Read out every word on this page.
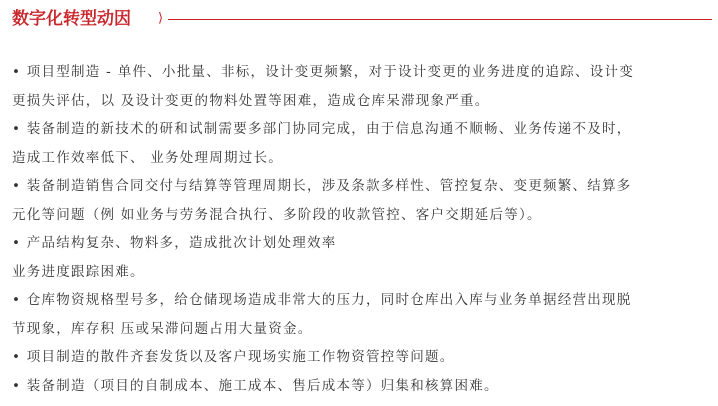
数字化转型动因 ⟩

• 项目型制造 - 单件、小批量、非标，设计变更频繁，对于设计变更的业务进度的追踪、设计变

更损失评估，以 及设计变更的物料处置等困难，造成仓库呆滞现象严重。

• 装备制造的新技术的研和试制需要多部门协同完成，由于信息沟通不顺畅、业务传递不及时，

造成工作效率低下、 业务处理周期过长。

• 装备制造销售合同交付与结算等管理周期长，涉及条款多样性、管控复杂、变更频繁、结算多

元化等问题（例 如业务与劳务混合执行、多阶段的收款管控、客户交期延后等）。

• 产品结构复杂、物料多，造成批次计划处理效率

业务进度跟踪困难。

• 仓库物资规格型号多，给仓储现场造成非常大的压力，同时仓库出入库与业务单据经营出现脱

节现象，库存积 压或呆滞问题占用大量资金。

• 项目制造的散件齐套发货以及客户现场实施工作物资管控等问题。

• 装备制造（项目的自制成本、施工成本、售后成本等）归集和核算困难。
